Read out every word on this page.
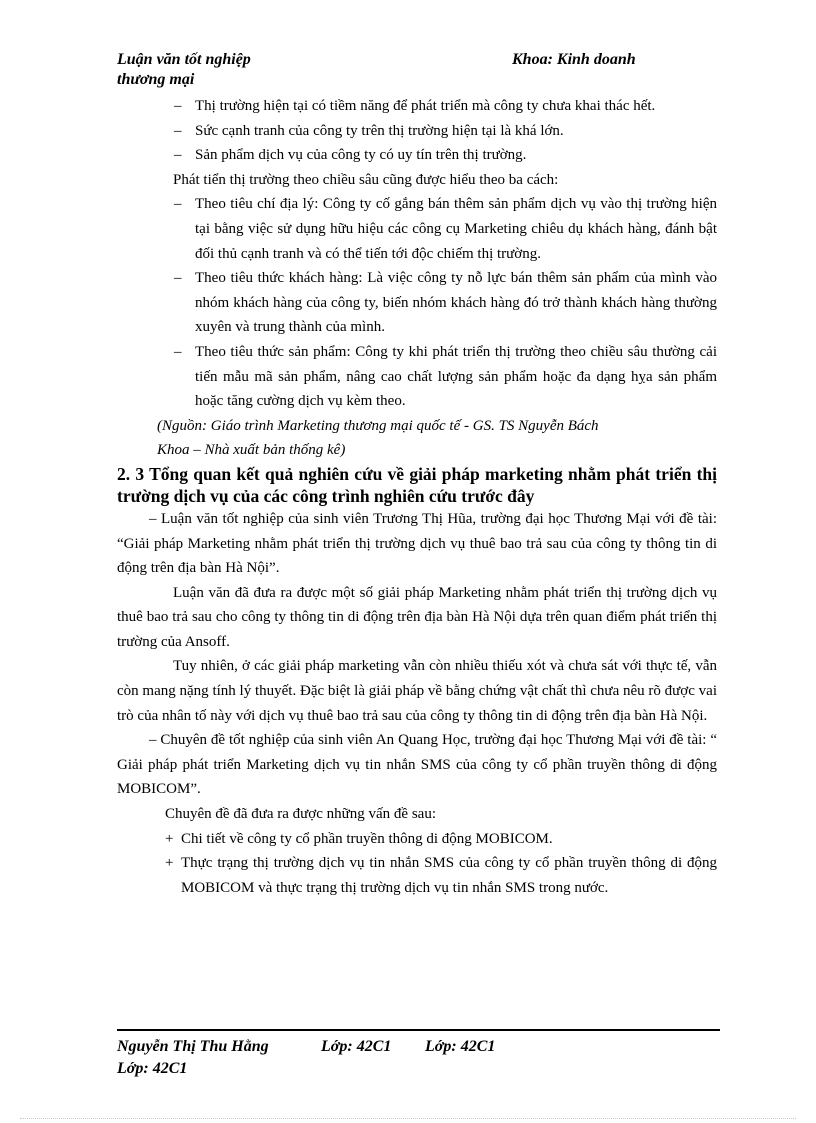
Luận văn tốt nghiệp
thương mại
Khoa: Kinh doanh

– Thị trường hiện tại có tiềm năng để phát triển mà công ty chưa khai thác hết.

– Sức cạnh tranh của công ty trên thị trường hiện tại là khá lớn.

– Sản phẩm dịch vụ của công ty có uy tín trên thị trường.

Phát tiển thị trường theo chiều sâu cũng được hiểu theo ba cách:

– Theo tiêu chí địa lý: Công ty cố gắng bán thêm sản phẩm dịch vụ vào thị trường hiện tại bằng việc sử dụng hữu hiệu các công cụ Marketing chiêu dụ khách hàng, đánh bật đối thủ cạnh tranh và có thể tiến tới độc chiếm thị trường.

– Theo tiêu thức khách hàng: Là việc công ty nỗ lực bán thêm sản phẩm của mình vào nhóm khách hàng của công ty, biến nhóm khách hàng đó trở thành khách hàng thường xuyên và trung thành của mình.

– Theo tiêu thức sản phẩm: Công ty khi phát triển thị trường theo chiều sâu thường cải tiến mẫu mã sản phẩm, nâng cao chất lượng sản phẩm hoặc đa dạng hỵa sản phẩm hoặc tăng cường dịch vụ kèm theo.

(Nguồn: Giáo trình Marketing thương mại quốc tế - GS. TS Nguyễn Bách

Khoa – Nhà xuất bản thống kê)

2. 3 Tổng quan kết quả nghiên cứu về giải pháp marketing nhằm phát triển thị trường dịch vụ của các công trình nghiên cứu trước đây

– Luận văn tốt nghiệp của sinh viên Trương Thị Hũa, trường đại học Thương Mại với đề tài: “Giải pháp Marketing nhằm phát triển thị trường dịch vụ thuê bao trả sau của công ty thông tin di động trên địa bàn Hà Nội”.

Luận văn đã đưa ra được một số giải pháp Marketing nhằm phát triển thị trường dịch vụ thuê bao trả sau cho công ty thông tin di động trên địa bàn Hà Nội dựa trên quan điểm phát triển thị trường của Ansoff.

Tuy nhiên, ở các giải pháp marketing vẫn còn nhiều thiếu xót và chưa sát với thực tế, vẫn còn mang nặng tính lý thuyết. Đặc biệt là giải pháp về bằng chứng vật chất thì chưa nêu rõ được vai trò của nhân tố này với dịch vụ thuê bao trả sau của công ty thông tin di động trên địa bàn Hà Nội.

– Chuyên đề tốt nghiệp của sinh viên An Quang Học, trường đại học Thương Mại với đề tài: “ Giải pháp phát triển Marketing dịch vụ tin nhắn SMS của công ty cổ phần truyền thông di động MOBICOM”.

Chuyên đề đã đưa ra được những vấn đề sau:

+ Chi tiết về công ty cổ phần truyền thông di động MOBICOM.

+ Thực trạng thị trường dịch vụ tin nhắn SMS của công ty cổ phần truyền thông di động MOBICOM và thực trạng thị trường dịch vụ tin nhắn SMS trong nước.

Nguyễn Thị Thu Hằng	Lớp: 42C1 Lớp: 42C1
Lớp: 42C1
